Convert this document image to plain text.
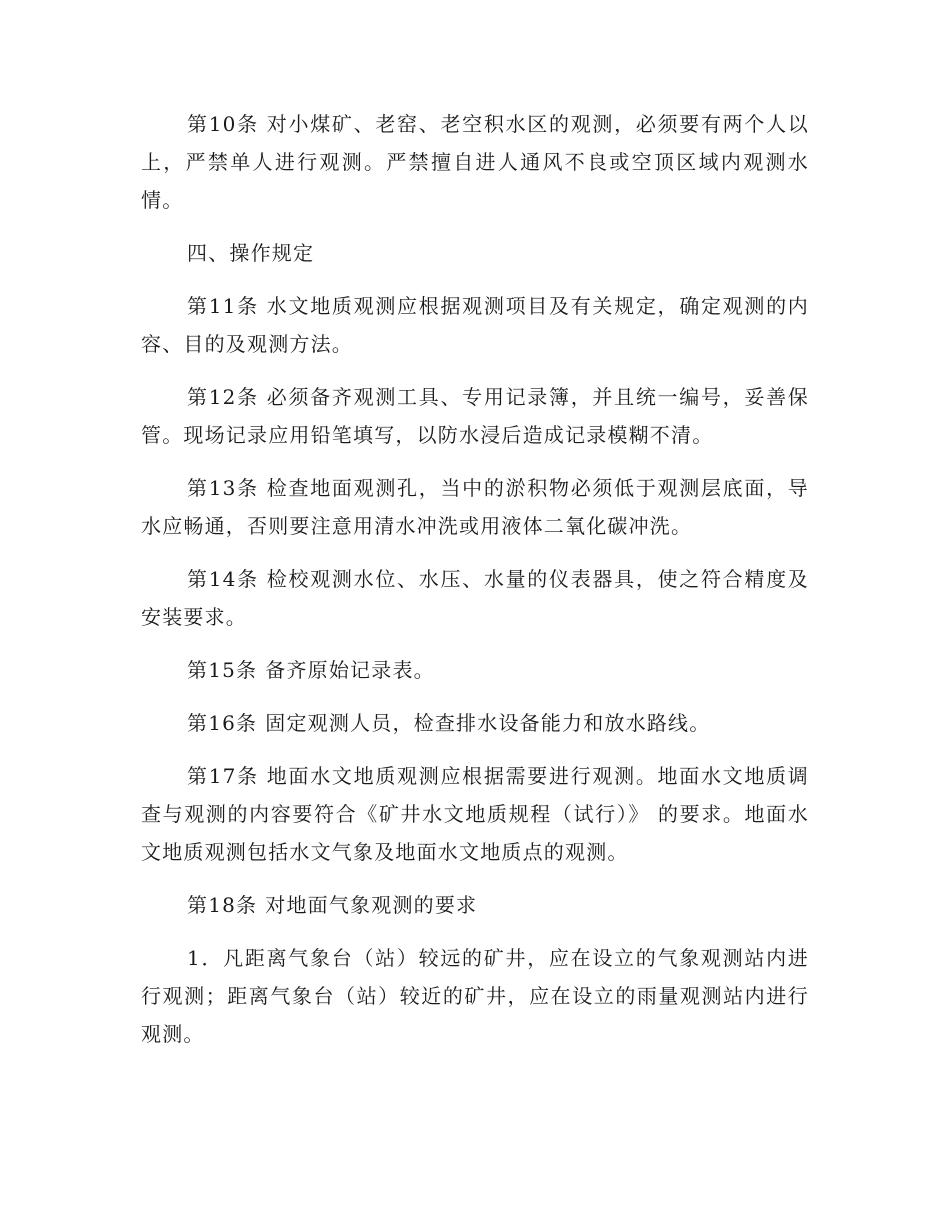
第10条 对小煤矿、老窑、老空积水区的观测，必须要有两个人以上，严禁单人进行观测。严禁擅自进人通风不良或空顶区域内观测水情。

四、操作规定

第11条 水文地质观测应根据观测项目及有关规定，确定观测的内容、目的及观测方法。

第12条 必须备齐观测工具、专用记录簿，并且统一编号，妥善保管。现场记录应用铅笔填写，以防水浸后造成记录模糊不清。

第13条 检查地面观测孔，当中的淤积物必须低于观测层底面，导水应畅通，否则要注意用清水冲洗或用液体二氧化碳冲洗。

第14条 检校观测水位、水压、水量的仪表器具，使之符合精度及安装要求。

第15条 备齐原始记录表。

第16条 固定观测人员，检查排水设备能力和放水路线。

第17条 地面水文地质观测应根据需要进行观测。地面水文地质调查与观测的内容要符合《矿井水文地质规程（试行）》 的要求。地面水文地质观测包括水文气象及地面水文地质点的观测。

第18条 对地面气象观测的要求

1．凡距离气象台（站）较远的矿井，应在设立的气象观测站内进行观测；距离气象台（站）较近的矿井，应在设立的雨量观测站内进行观测。
